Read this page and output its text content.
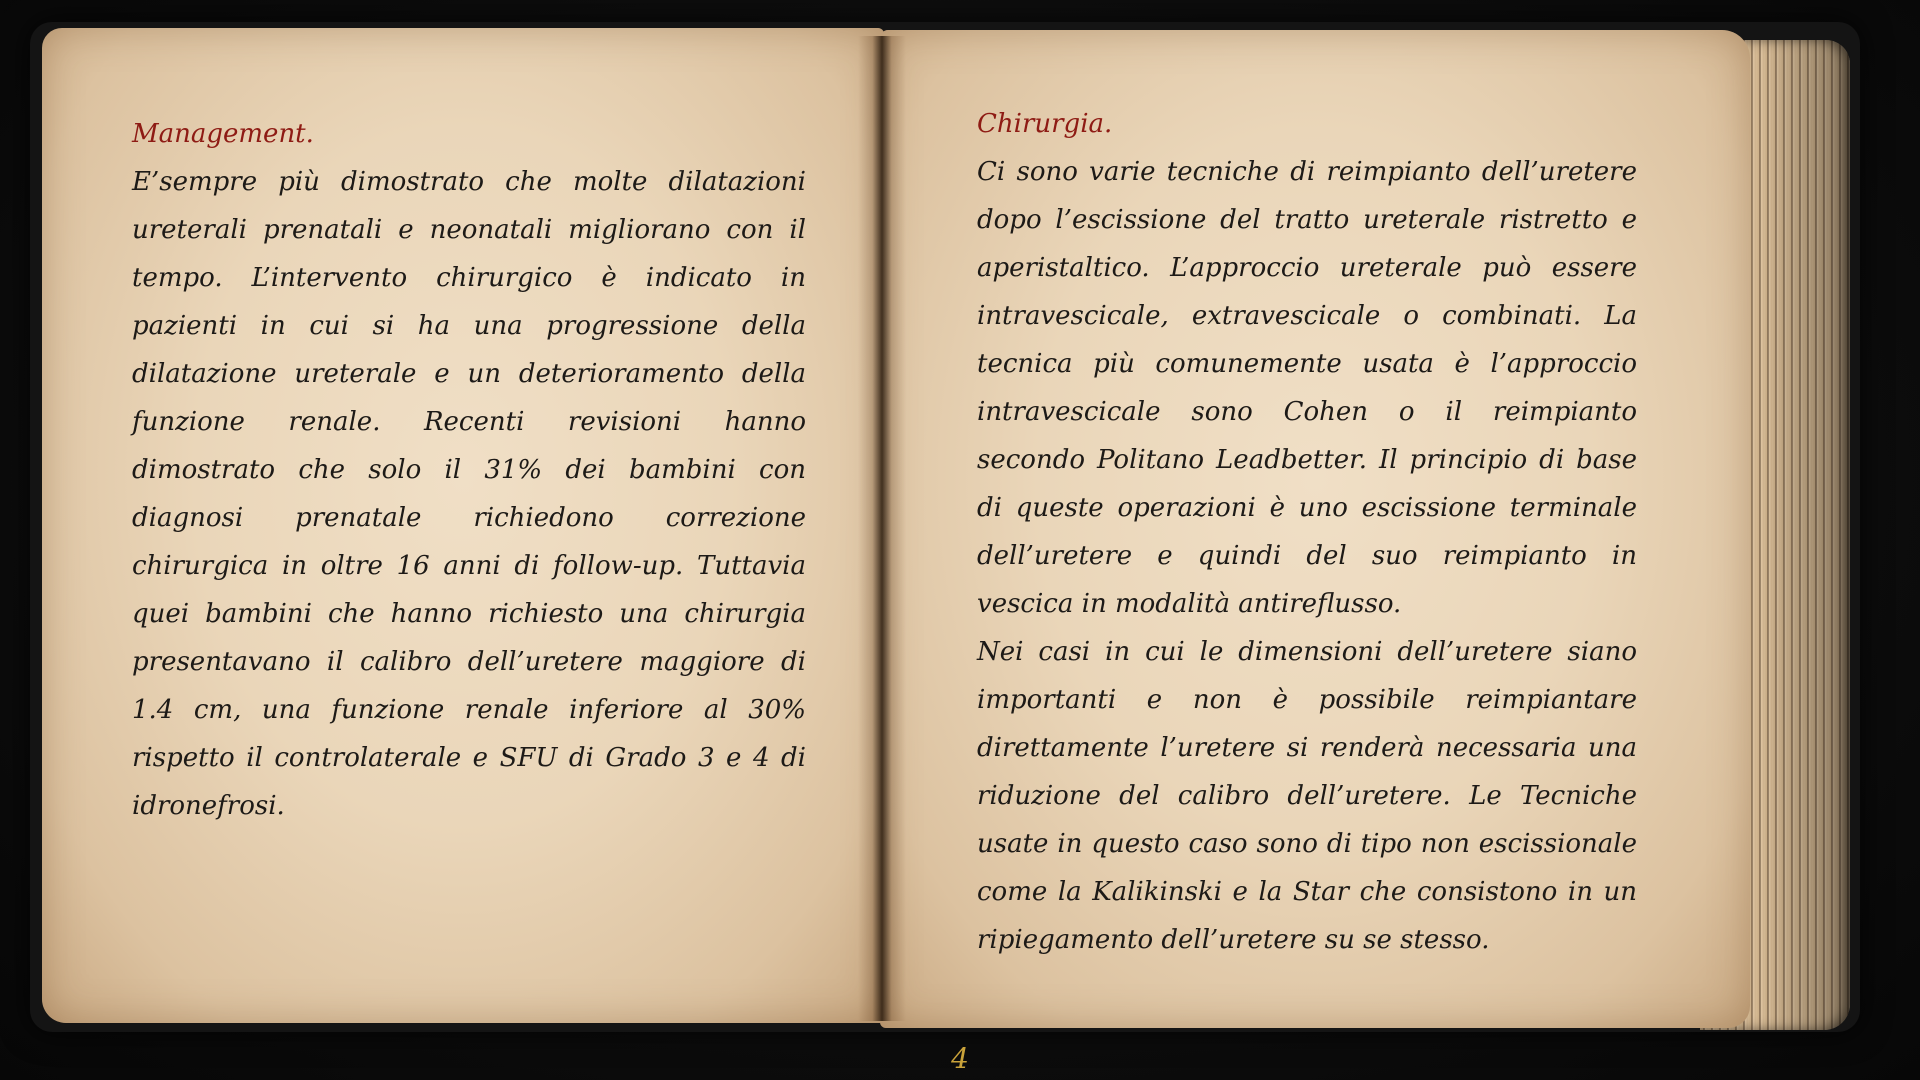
Management.
E’sempre più dimostrato che molte dilatazioni ureterali prenatali e neonatali migliorano con il tempo. L’intervento chirurgico è indicato in pazienti in cui si ha una progressione della dilatazione ureterale e un deterioramento della funzione renale. Recenti revisioni hanno dimostrato che solo il 31% dei bambini con diagnosi prenatale richiedono correzione chirurgica in oltre 16 anni di follow-up. Tuttavia quei bambini che hanno richiesto una chirurgia presentavano il calibro dell’uretere maggiore di 1.4 cm, una funzione renale inferiore al 30% rispetto il controlaterale e SFU di Grado 3 e 4 di idronefrosi.
Chirurgia.
Ci sono varie tecniche di reimpianto dell’uretere dopo l’escissione del tratto ureterale ristretto e aperistaltico. L’approccio ureterale può essere intravescicale, extravescicale o combinati. La tecnica più comunemente usata è l’approccio intravescicale sono Cohen o il reimpianto secondo Politano Leadbetter. Il principio di base di queste operazioni è uno escissione terminale dell’uretere e quindi del suo reimpianto in vescica in modalità antireflusso.
Nei casi in cui le dimensioni dell’uretere siano importanti e non è possibile reimpiantare direttamente l’uretere si renderà necessaria una riduzione del calibro dell’uretere. Le Tecniche usate in questo caso sono di tipo non escissionale come la Kalikinski e la Star che consistono in un ripiegamento dell’uretere su se stesso.
4
